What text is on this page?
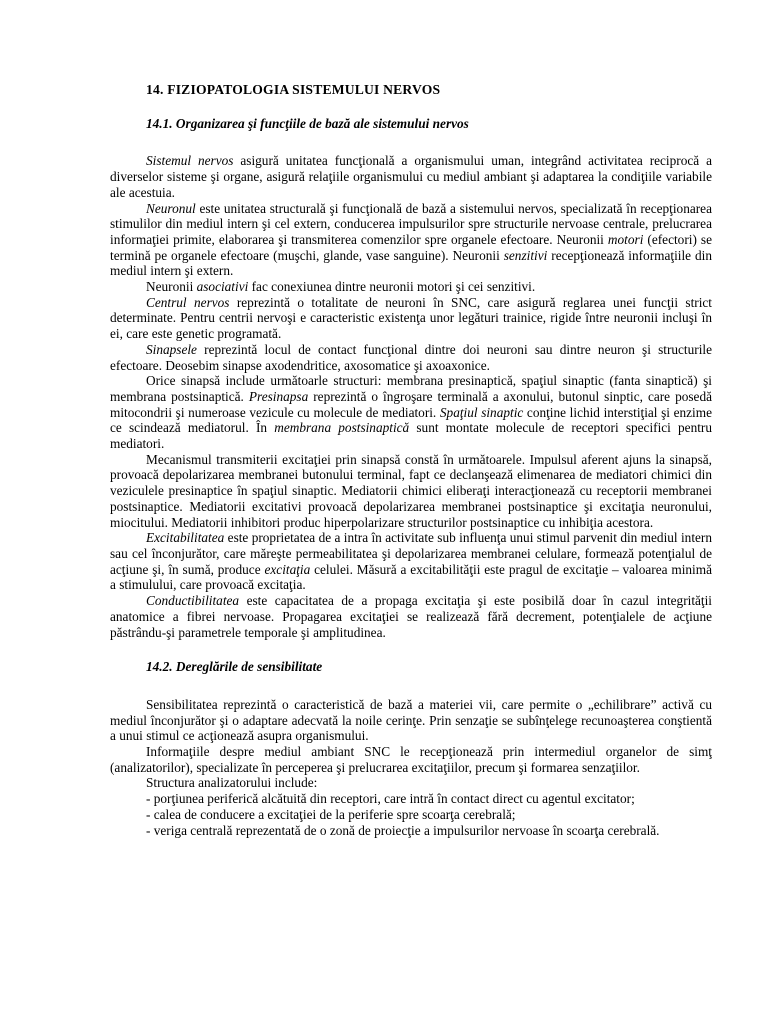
14. FIZIOPATOLOGIA SISTEMULUI NERVOS
14.1. Organizarea şi funcţiile de bază ale sistemului nervos

Sistemul nervos asigură unitatea funcţională a organismului uman, integrând activitatea reciprocă a diverselor sisteme şi organe, asigură relaţiile organismului cu mediul ambiant şi adaptarea la condiţiile variabile ale acestuia.

Neuronul este unitatea structurală şi funcţională de bază a sistemului nervos, specializată în recepţionarea stimulilor din mediul intern şi cel extern, conducerea impulsurilor spre structurile nervoase centrale, prelucrarea informaţiei primite, elaborarea şi transmiterea comenzilor spre organele efectoare. Neuronii motori (efectori) se termină pe organele efectoare (muşchi, glande, vase sanguine). Neuronii senzitivi recepţionează informaţiile din mediul intern şi extern.

Neuronii asociativi fac conexiunea dintre neuronii motori şi cei senzitivi.

Centrul nervos reprezintă o totalitate de neuroni în SNC, care asigură reglarea unei funcţii strict determinate. Pentru centrii nervoşi e caracteristic existenţa unor legături trainice, rigide între neuronii incluşi în ei, care este genetic programată.

Sinapsele reprezintă locul de contact funcţional dintre doi neuroni sau dintre neuron şi structurile efectoare. Deosebim sinapse axodendritice, axosomatice şi axoaxonice.

Orice sinapsă include următoarle structuri: membrana presinaptică, spaţiul sinaptic (fanta sinaptică) şi membrana postsinaptică. Presinapsa reprezintă o îngroşare terminală a axonului, butonul sinptic, care posedă mitocondrii şi numeroase vezicule cu molecule de mediatori. Spaţiul sinaptic conţine lichid interstiţial şi enzime ce scindează mediatorul. În membrana postsinaptică sunt montate molecule de receptori specifici pentru mediatori.

Mecanismul transmiterii excitaţiei prin sinapsă constă în următoarele. Impulsul aferent ajuns la sinapsă, provoacă depolarizarea membranei butonului terminal, fapt ce declanşează elimenarea de mediatori chimici din veziculele presinaptice în spaţiul sinaptic. Mediatorii chimici eliberaţi interacţionează cu receptorii membranei postsinaptice. Mediatorii excitativi provoacă depolarizarea membranei postsinaptice şi excitaţia neuronului, miocitului. Mediatorii inhibitori produc hiperpolarizare structurilor postsinaptice cu inhibiţia acestora.

Excitabilitatea este proprietatea de a intra în activitate sub influenţa unui stimul parvenit din mediul intern sau cel înconjurător, care măreşte permeabilitatea şi depolarizarea membranei celulare, formează potenţialul de acţiune şi, în sumă, produce excitaţia celulei. Măsură a excitabilităţii este pragul de excitaţie – valoarea minimă a stimulului, care provoacă excitaţia.

Conductibilitatea este capacitatea de a propaga excitaţia şi este posibilă doar în cazul integrităţii anatomice a fibrei nervoase. Propagarea excitaţiei se realizează fără decrement, potenţialele de acţiune păstrându-şi parametrele temporale şi amplitudinea.

14.2. Dereglările de sensibilitate

Sensibilitatea reprezintă o caracteristică de bază a materiei vii, care permite o „echilibrare” activă cu mediul înconjurător şi o adaptare adecvată la noile cerinţe. Prin senzaţie se subînţelege recunoaşterea conştientă a unui stimul ce acţionează asupra organismului.

Informaţiile despre mediul ambiant SNC le recepţionează prin intermediul organelor de simţ (analizatorilor), specializate în perceperea şi prelucrarea excitaţiilor, precum şi formarea senzaţiilor.

Structura analizatorului include:

- porţiunea periferică alcătuită din receptori, care intră în contact direct cu agentul excitator;

- calea de conducere a excitaţiei de la periferie spre scoarţa cerebrală;

- veriga centrală reprezentată de o zonă de proiecţie a impulsurilor nervoase în scoarţa cerebrală.
